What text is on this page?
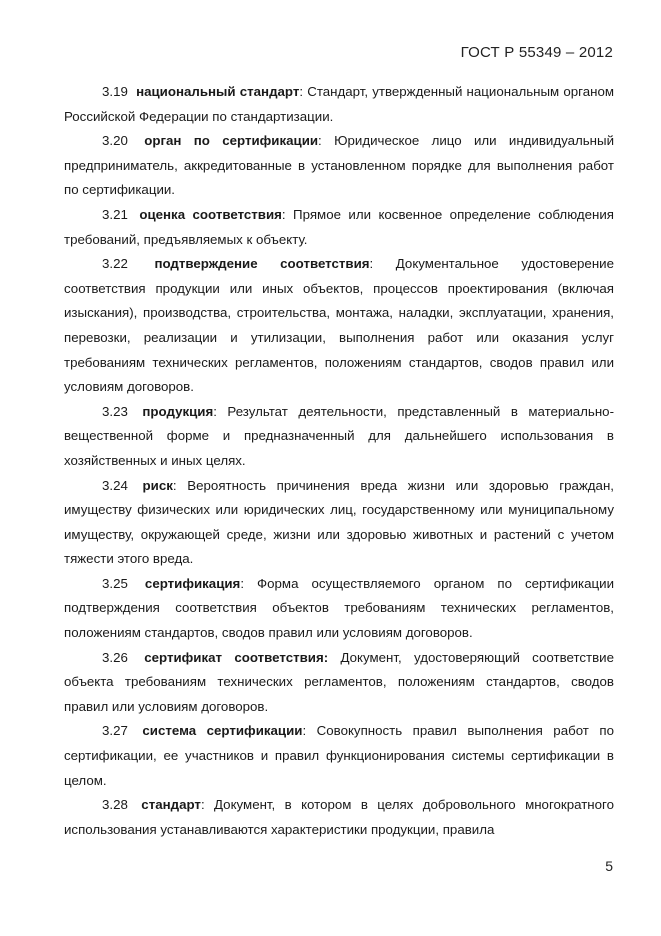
ГОСТ Р 55349 – 2012

3.19 национальный стандарт: Стандарт, утвержденный национальным органом Российской Федерации по стандартизации.

3.20 орган по сертификации: Юридическое лицо или индивидуальный предприниматель, аккредитованные в установленном порядке для выполнения работ по сертификации.

3.21 оценка соответствия: Прямое или косвенное определение соблюдения требований, предъявляемых к объекту.

3.22 подтверждение соответствия: Документальное удостоверение соответствия продукции или иных объектов, процессов проектирования (включая изыскания), производства, строительства, монтажа, наладки, эксплуатации, хранения, перевозки, реализации и утилизации, выполнения работ или оказания услуг требованиям технических регламентов, положениям стандартов, сводов правил или условиям договоров.

3.23 продукция: Результат деятельности, представленный в материально-вещественной форме и предназначенный для дальнейшего использования в хозяйственных и иных целях.

3.24 риск: Вероятность причинения вреда жизни или здоровью граждан, имуществу физических или юридических лиц, государственному или муниципальному имуществу, окружающей среде, жизни или здоровью животных и растений с учетом тяжести этого вреда.

3.25 сертификация: Форма осуществляемого органом по сертификации подтверждения соответствия объектов требованиям технических регламентов, положениям стандартов, сводов правил или условиям договоров.

3.26 сертификат соответствия: Документ, удостоверяющий соответствие объекта требованиям технических регламентов, положениям стандартов, сводов правил или условиям договоров.

3.27 система сертификации: Совокупность правил выполнения работ по сертификации, ее участников и правил функционирования системы сертификации в целом.

3.28 стандарт: Документ, в котором в целях добровольного многократного использования устанавливаются характеристики продукции, правила

5
